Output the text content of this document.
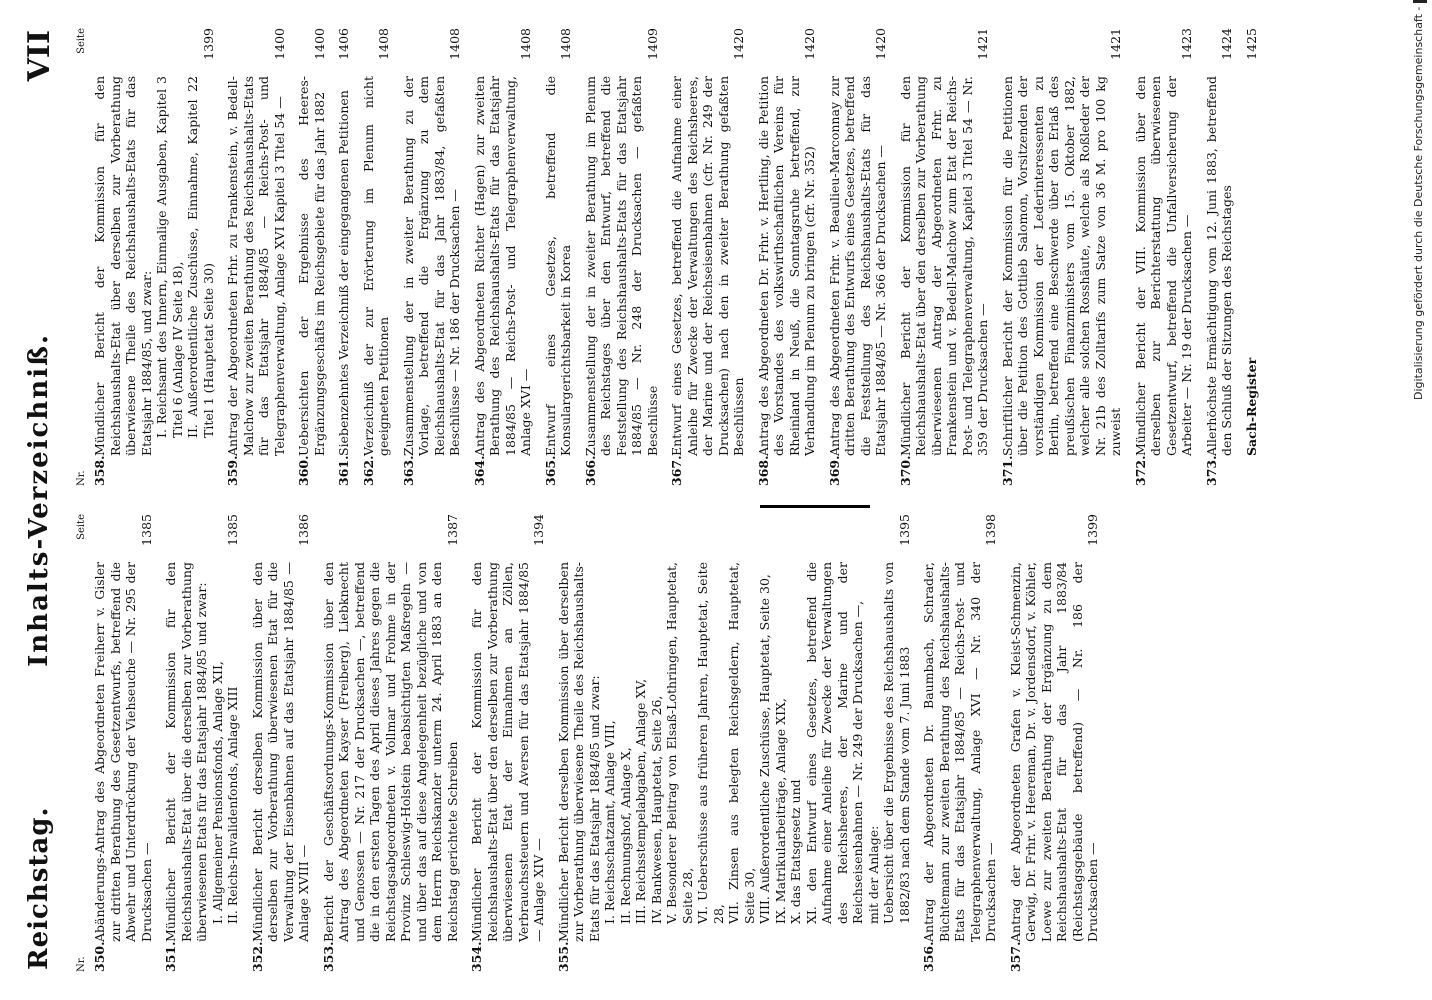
Reichstag.
Inhalts-Verzeichniß.
VII
Nr.
Seite
350.
Abänderungs-Antrag des Abgeordneten Freiherr v. Gisler zur dritten Berathung des Gesetzentwurfs, betreffend die Abwehr und Unterdrückung der Viehseuche — Nr. 295 der Drucksachen —
1385
351.
Mündlicher Bericht der Kommission für den Reichshaushalts-Etat über die derselben zur Vorberathung überwiesenen Etats für das Etatsjahr 1884/85 und zwar: I. Allgemeiner Pensionsfonds, Anlage XII, II. Reichs-Invalidenfonds, Anlage XIII
1385
352.
Mündlicher Bericht derselben Kommission über den derselben zur Vorberathung überwiesenen Etat für die Verwaltung der Eisenbahnen auf das Etatsjahr 1884/85 — Anlage XVIII —
1386
353.
Bericht der Geschäftsordnungs-Kommission über den Antrag des Abgeordneten Kayser (Freiberg), Liebknecht und Genossen — Nr. 217 der Drucksachen —, betreffend die in den ersten Tagen des April dieses Jahres gegen die Reichstagsabgeordneten v. Vollmar und Frohme in der Provinz Schleswig-Holstein beabsichtigten Maßregeln — und über das auf diese Angelegenheit bezügliche und von dem Herrn Reichskanzler unterm 24. April 1883 an den Reichstag gerichtete Schreiben
1387
354.
Mündlicher Bericht der Kommission für den Reichshaushalts-Etat über den derselben zur Vorberathung überwiesenen Etat der Einnahmen an Zöllen, Verbrauchssteuern und Aversen für das Etatsjahr 1884/85 — Anlage XIV —
1394
355.
Mündlicher Bericht derselben Kommission über derselben zur Vorberathung überwiesene Theile des Reichshaushalts-Etats für das Etatsjahr 1884/85 und zwar: I. Reichsschatzamt, Anlage VIII, II. Rechnungshof, Anlage X, III. Reichsstempelabgaben, Anlage XV, IV. Bankwesen, Hauptetat, Seite 26, V. Besonderer Beitrag von Elsaß-Lothringen, Hauptetat, Seite 28, VI. Ueberschüsse aus früheren Jahren, Hauptetat, Seite 28, VII. Zinsen aus belegten Reichsgeldern, Hauptetat, Seite 30, VIII. Außerordentliche Zuschüsse, Hauptetat, Seite 30, IX. Matrikularbeiträge, Anlage XIX, X. das Etatsgesetz und XI. den Entwurf eines Gesetzes, betreffend die Aufnahme einer Anleihe für Zwecke der Verwaltungen des Reichsheeres, der Marine und der Reichseisenbahnen — Nr. 249 der Drucksachen —, mit der Anlage: Uebersicht über die Ergebnisse des Reichshaushalts von 1882/83 nach dem Stande vom 7. Juni 1883
1395
356.
Antrag der Abgeordneten Dr. Baumbach, Schrader, Büchtemann zur zweiten Berathung des Reichshaushalts-Etats für das Etatsjahr 1884/85 — Reichs-Post- und Telegraphenverwaltung, Anlage XVI — Nr. 340 der Drucksachen —
1398
357.
Antrag der Abgeordneten Grafen v. Kleist-Schmenzin, Gerwig, Dr. Frhr. v. Heereman, Dr. v. Jordensdorf, v. Köhler, Loewe zur zweiten Berathung der Ergänzung zu dem Reichshaushalts-Etat für das Jahr 1883/84 (Reichstagsgebäude betreffend) — Nr. 186 der Drucksachen —
1399
Nr.
Seite
358.
Mündlicher Bericht der Kommission für den Reichshaushalts-Etat über derselben zur Vorberathung überwiesene Theile des Reichshaushalts-Etats für das Etatsjahr 1884/85, und zwar: I. Reichsamt des Innern, Einmalige Ausgaben, Kapitel 3 Titel 6 (Anlage IV Seite 18), II. Außerordentliche Zuschüsse, Einnahme, Kapitel 22 Titel 1 (Hauptetat Seite 30)
1399
359.
Antrag der Abgeordneten Frhr. zu Frankenstein, v. Bedell-Malchow zur zweiten Berathung des Reichshaushalts-Etats für das Etatsjahr 1884/85 — Reichs-Post- und Telegraphenverwaltung, Anlage XVI Kapitel 3 Titel 54 —
1400
360.
Uebersichten der Ergebnisse des Heeres-Ergänzungsgeschäfts im Reichsgebiete für das Jahr 1882
1400
361.
Siebenzehntes Verzeichniß der eingegangenen Petitionen
1406
362.
Verzeichniß der zur Erörterung im Plenum nicht geeigneten Petitionen
1408
363.
Zusammenstellung der in zweiter Berathung zu der Vorlage, betreffend die Ergänzung zu dem Reichshaushalts-Etat für das Jahr 1883/84, gefaßten Beschlüsse — Nr. 186 der Drucksachen —
1408
364.
Antrag des Abgeordneten Richter (Hagen) zur zweiten Berathung des Reichshaushalts-Etats für das Etatsjahr 1884/85 — Reichs-Post- und Telegraphenverwaltung, Anlage XVI —
1408
365.
Entwurf eines Gesetzes, betreffend die Konsulargerichtsbarkeit in Korea
1408
366.
Zusammenstellung der in zweiter Berathung im Plenum des Reichstages über den Entwurf, betreffend die Feststellung des Reichshaushalts-Etats für das Etatsjahr 1884/85 — Nr. 248 der Drucksachen — gefaßten Beschlüsse
1409
367.
Entwurf eines Gesetzes, betreffend die Aufnahme einer Anleihe für Zwecke der Verwaltungen des Reichsheeres, der Marine und der Reichseisenbahnen (cfr. Nr. 249 der Drucksachen) nach den in zweiter Berathung gefaßten Beschlüssen
1420
368.
Antrag des Abgeordneten Dr. Frhr. v. Hertling, die Petition des Vorstandes des volkswirthschaftlichen Vereins für Rheinland in Neuß, die Sonntagsruhe betreffend, zur Verhandlung im Plenum zu bringen (cfr. Nr. 352)
1420
369.
Antrag des Abgeordneten Frhr. v. Beaulieu-Marconnay zur dritten Berathung des Entwurfs eines Gesetzes, betreffend die Feststellung des Reichshaushalts-Etats für das Etatsjahr 1884/85 — Nr. 366 der Drucksachen —
1420
370.
Mündlicher Bericht der Kommission für den Reichshaushalts-Etat über den derselben zur Vorberathung überwiesenen Antrag der Abgeordneten Frhr. zu Frankenstein und v. Bedell-Malchow zum Etat der Reichs-Post- und Telegraphenverwaltung, Kapitel 3 Titel 54 — Nr. 359 der Drucksachen —
1421
371.
Schriftlicher Bericht der Kommission für die Petitionen über die Petition des Gottlieb Salomon, Vorsitzenden der vorständigen Kommission der Lederinteressenten zu Berlin, betreffend eine Beschwerde über den Erlaß des preußischen Finanzministers vom 15. Oktober 1882, welcher alle solchen Rosshäute, welche als Roßleder der Nr. 21b des Zolltarifs zum Satze von 36 M. pro 100 kg zuweist
1421
372.
Mündlicher Bericht der VIII. Kommission über den derselben zur Berichterstattung überwiesenen Gesetzentwurf, betreffend die Unfallversicherung der Arbeiter — Nr. 19 der Drucksachen —
1423
373.
Allerhöchste Ermächtigung vom 12. Juni 1883, betreffend den Schluß der Sitzungen des Reichstages
1424
Sach-Register
1425	Digitalisierung gefördert durch die Deutsche Forschungsgemeinschaft -
